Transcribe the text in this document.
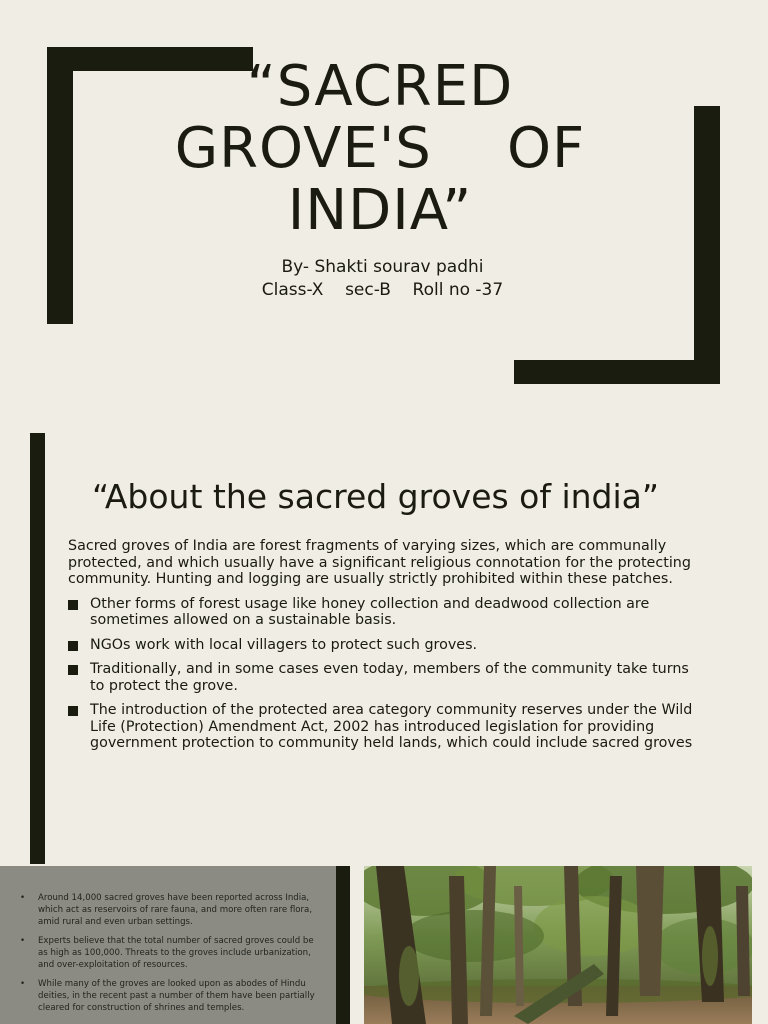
“SACRED
GROVE'S    OF
INDIA”
By- Shakti sourav padhi
Class-X    sec-B    Roll no -37
“About the sacred groves of india”

Sacred groves of India are forest fragments of varying sizes, which are communally protected, and which usually have a significant religious connotation for the protecting community. Hunting and logging are usually strictly prohibited within these patches.

Other forms of forest usage like honey collection and deadwood collection are sometimes allowed on a sustainable basis.
NGOs work with local villagers to protect such groves.
Traditionally, and in some cases even today, members of the community take turns to protect the grove.
The introduction of the protected area category community reserves under the Wild Life (Protection) Amendment Act, 2002 has introduced legislation for providing government protection to community held lands, which could include sacred groves
• Around 14,000 sacred groves have been reported across India, which act as reservoirs of rare fauna, and more often rare flora, amid rural and even urban settings.
• Experts believe that the total number of sacred groves could be as high as 100,000. Threats to the groves include urbanization, and over-exploitation of resources.
• While many of the groves are looked upon as abodes of Hindu deities, in the recent past a number of them have been partially cleared for construction of shrines and temples.
